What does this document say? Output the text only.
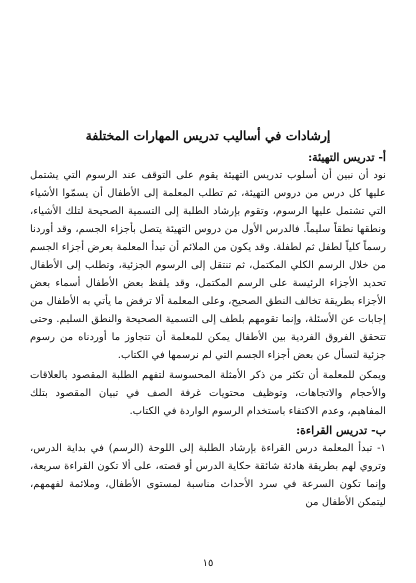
إرشادات في أساليب تدريس المهارات المختلفة
أ- تدريس التهيئة:

نود أن نبين أن أسلوب تدريس التهيئة يقوم على التوقف عند الرسوم التي يشتمل عليها كل درس من دروس التهيئة، ثم تطلب المعلمة إلى الأطفال أن يسمّوا الأشياء التي تشتمل عليها الرسوم، وتقوم بإرشاد الطلبة إلى التسمية الصحيحة لتلك الأشياء، ونطقها نطقاً سليماً. فالدرس الأول من دروس التهيئة يتصل بأجزاء الجسم، وقد أوردنا رسماً كلياً لطفل ثم لطفلة. وقد يكون من الملائم أن تبدأ المعلمة بعرض أجزاء الجسم من خلال الرسم الكلي المكتمل، ثم تنتقل إلى الرسوم الجزئية، وتطلب إلى الأطفال تحديد الأجزاء الرئيسة على الرسم المكتمل، وقد يلفظ بعض الأطفال أسماء بعض الأجزاء بطريقة تخالف النطق الصحيح، وعلى المعلمة ألا ترفض ما يأتي به الأطفال من إجابات عن الأسئلة، وإنما تقومهم بلطف إلى التسمية الصحيحة والنطق السليم. وحتى تتحقق الفروق الفردية بين الأطفال يمكن للمعلمة أن تتجاوز ما أوردناه من رسوم جزئية لتسأل عن بعض أجزاء الجسم التي لم نرسمها في الكتاب.

ويمكن للمعلمة أن تكثر من ذكر الأمثلة المحسوسة لتفهم الطلبة المقصود بالعلاقات والأحجام والاتجاهات، وتوظيف محتويات غرفة الصف في تبيان المقصود بتلك المفاهيم، وعدم الاكتفاء باستخدام الرسوم الواردة في الكتاب.

ب- تدريس القراءة:

١- تبدأ المعلمة درس القراءة بإرشاد الطلبة إلى اللوحة (الرسم) في بداية الدرس، وتروي لهم بطريقة هادئة شائقة حكاية الدرس أو قصته، على ألا تكون القراءة سريعة، وإنما تكون السرعة في سرد الأحداث مناسبة لمستوى الأطفال، وملائمة لفهمهم، ليتمكن الأطفال من

١٥
